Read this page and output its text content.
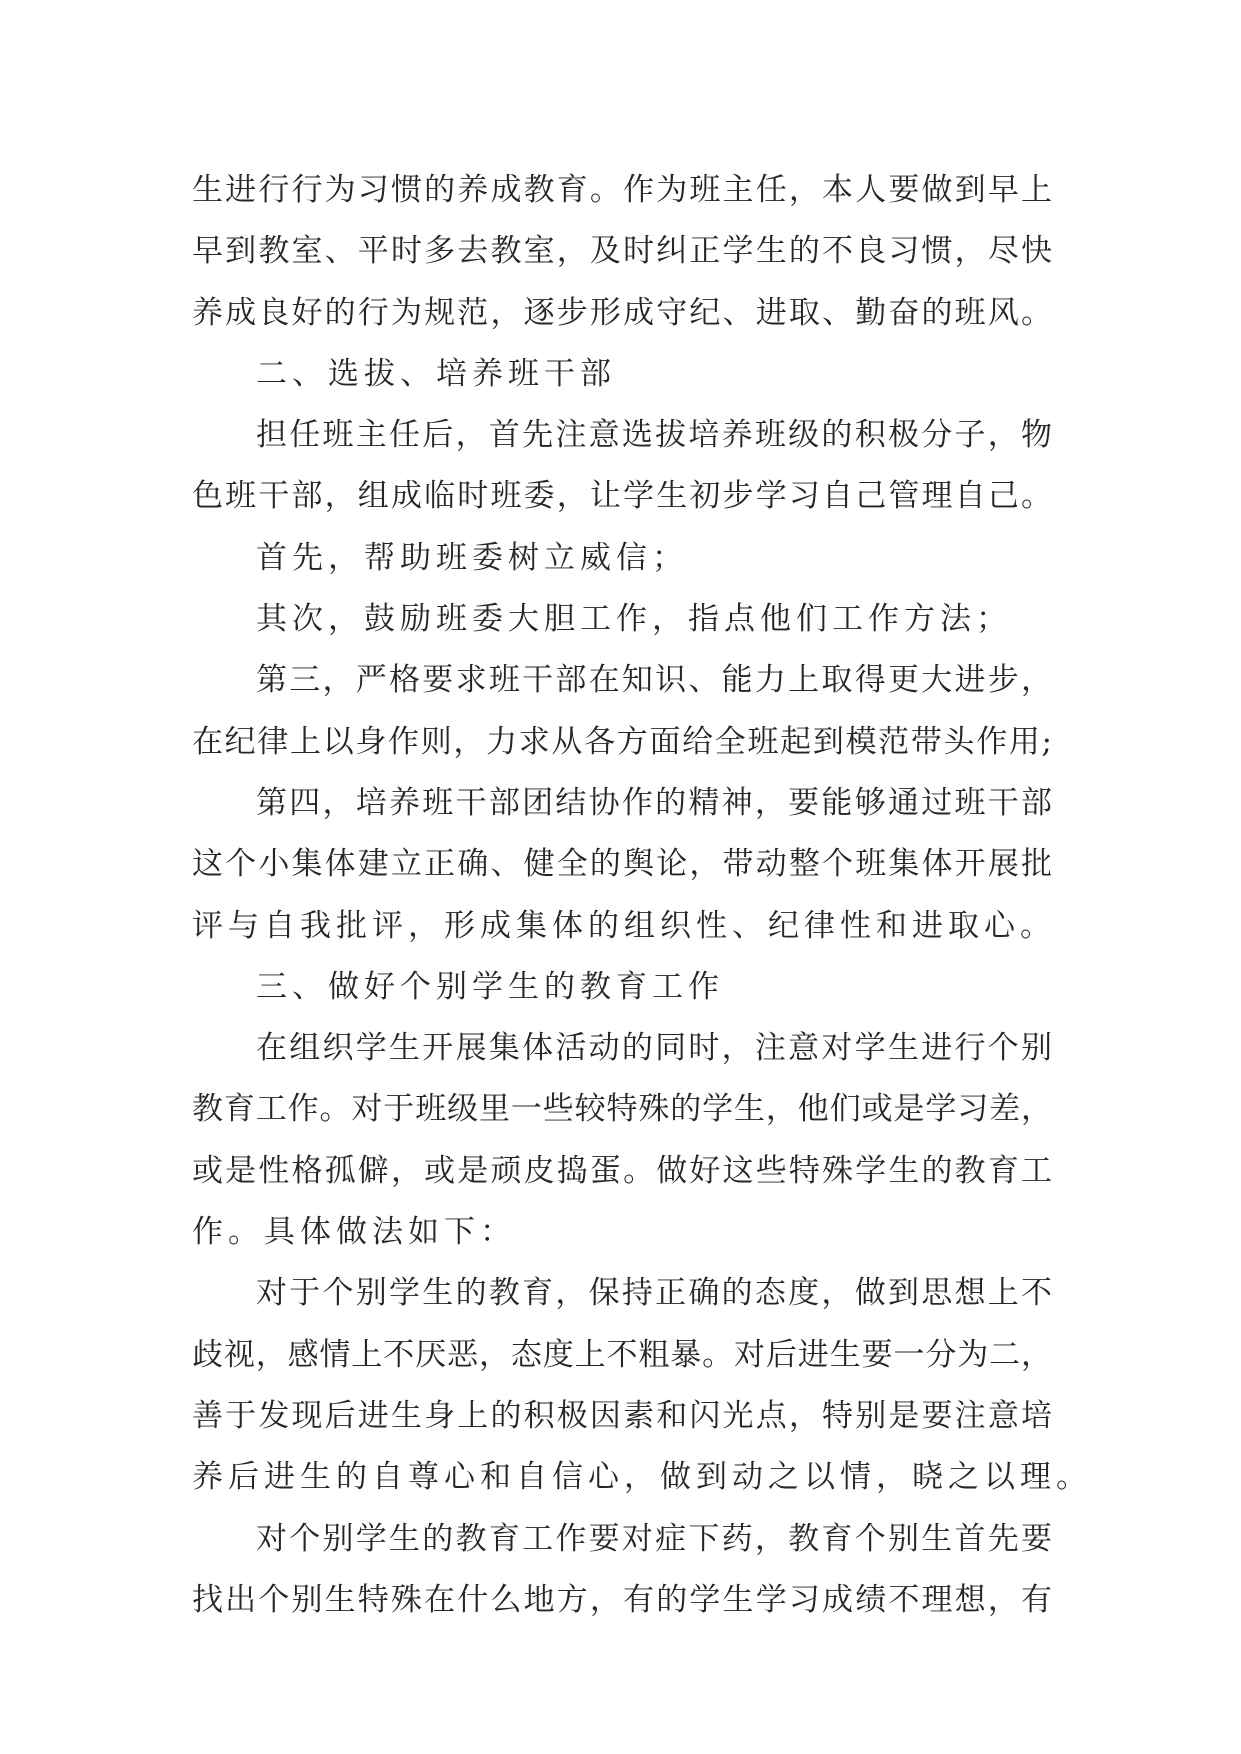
生进行行为习惯的养成教育。作为班主任，本人要做到早上
早到教室、平时多去教室，及时纠正学生的不良习惯，尽快
养成良好的行为规范，逐步形成守纪、进取、勤奋的班风。
二、选拔、培养班干部
担任班主任后，首先注意选拔培养班级的积极分子，物
色班干部，组成临时班委，让学生初步学习自己管理自己。
首先，帮助班委树立威信；
其次，鼓励班委大胆工作，指点他们工作方法；
第三，严格要求班干部在知识、能力上取得更大进步，
在纪律上以身作则，力求从各方面给全班起到模范带头作用;
第四，培养班干部团结协作的精神，要能够通过班干部
这个小集体建立正确、健全的舆论，带动整个班集体开展批
评与自我批评，形成集体的组织性、纪律性和进取心。
三、做好个别学生的教育工作
在组织学生开展集体活动的同时，注意对学生进行个别
教育工作。对于班级里一些较特殊的学生，他们或是学习差，
或是性格孤僻，或是顽皮捣蛋。做好这些特殊学生的教育工
作。具体做法如下：
对于个别学生的教育，保持正确的态度，做到思想上不
歧视，感情上不厌恶，态度上不粗暴。对后进生要一分为二，
善于发现后进生身上的积极因素和闪光点，特别是要注意培
养后进生的自尊心和自信心，做到动之以情，晓之以理。
对个别学生的教育工作要对症下药，教育个别生首先要
找出个别生特殊在什么地方，有的学生学习成绩不理想，有
